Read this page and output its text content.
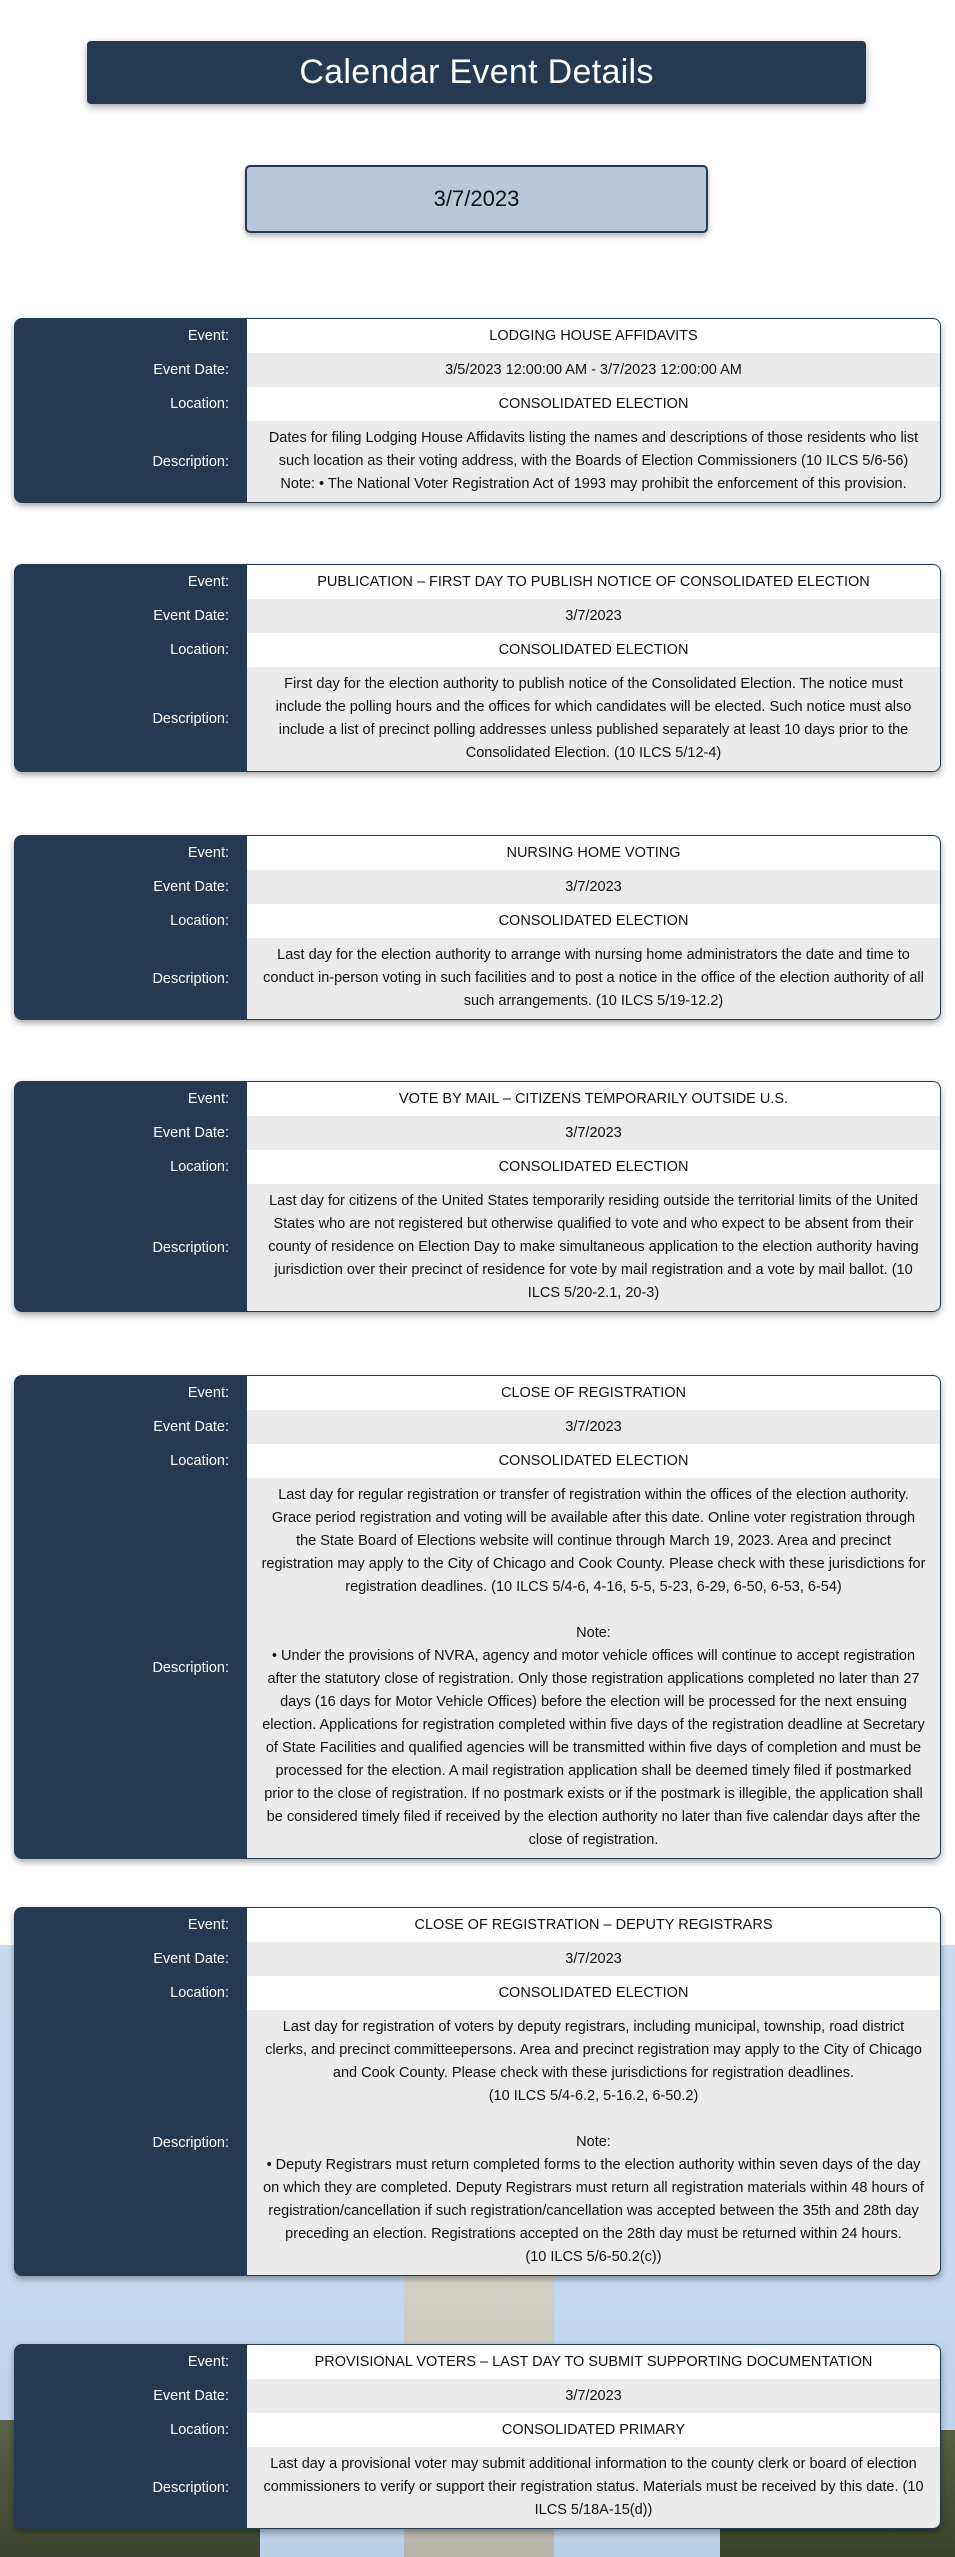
Calendar Event Details
3/7/2023
Event:	LODGING HOUSE AFFIDAVITS
Event Date:	3/5/2023 12:00:00 AM - 3/7/2023 12:00:00 AM
Location:	CONSOLIDATED ELECTION
Description:	Dates for filing Lodging House Affidavits listing the names and descriptions of those residents who list such location as their voting address, with the Boards of Election Commissioners (10 ILCS 5/6-56) Note: • The National Voter Registration Act of 1993 may prohibit the enforcement of this provision.
Event:	PUBLICATION – FIRST DAY TO PUBLISH NOTICE OF CONSOLIDATED ELECTION
Event Date:	3/7/2023
Location:	CONSOLIDATED ELECTION
Description:	First day for the election authority to publish notice of the Consolidated Election. The notice must include the polling hours and the offices for which candidates will be elected. Such notice must also include a list of precinct polling addresses unless published separately at least 10 days prior to the Consolidated Election. (10 ILCS 5/12-4)
Event:	NURSING HOME VOTING
Event Date:	3/7/2023
Location:	CONSOLIDATED ELECTION
Description:	Last day for the election authority to arrange with nursing home administrators the date and time to conduct in-person voting in such facilities and to post a notice in the office of the election authority of all such arrangements. (10 ILCS 5/19-12.2)
Event:	VOTE BY MAIL – CITIZENS TEMPORARILY OUTSIDE U.S.
Event Date:	3/7/2023
Location:	CONSOLIDATED ELECTION
Description:	Last day for citizens of the United States temporarily residing outside the territorial limits of the United States who are not registered but otherwise qualified to vote and who expect to be absent from their county of residence on Election Day to make simultaneous application to the election authority having jurisdiction over their precinct of residence for vote by mail registration and a vote by mail ballot. (10 ILCS 5/20-2.1, 20-3)
Event:	CLOSE OF REGISTRATION
Event Date:	3/7/2023
Location:	CONSOLIDATED ELECTION
Description:	Last day for regular registration or transfer of registration within the offices of the election authority. Grace period registration and voting will be available after this date. Online voter registration through the State Board of Elections website will continue through March 19, 2023. Area and precinct registration may apply to the City of Chicago and Cook County. Please check with these jurisdictions for registration deadlines. (10 ILCS 5/4-6, 4-16, 5-5, 5-23, 6-29, 6-50, 6-53, 6-54)

Note:

• Under the provisions of NVRA, agency and motor vehicle offices will continue to accept registration after the statutory close of registration. Only those registration applications completed no later than 27 days (16 days for Motor Vehicle Offices) before the election will be processed for the next ensuing election. Applications for registration completed within five days of the registration deadline at Secretary of State Facilities and qualified agencies will be transmitted within five days of completion and must be processed for the election. A mail registration application shall be deemed timely filed if postmarked prior to the close of registration. If no postmark exists or if the postmark is illegible, the application shall be considered timely filed if received by the election authority no later than five calendar days after the close of registration.

Event:	CLOSE OF REGISTRATION – DEPUTY REGISTRARS
Event Date:	3/7/2023
Location:	CONSOLIDATED ELECTION
Description:	Last day for registration of voters by deputy registrars, including municipal, township, road district clerks, and precinct committeepersons. Area and precinct registration may apply to the City of Chicago and Cook County. Please check with these jurisdictions for registration deadlines.

(10 ILCS 5/4-6.2, 5-16.2, 6-50.2)

Note:

• Deputy Registrars must return completed forms to the election authority within seven days of the day on which they are completed. Deputy Registrars must return all registration materials within 48 hours of registration/cancellation if such registration/cancellation was accepted between the 35th and 28th day preceding an election. Registrations accepted on the 28th day must be returned within 24 hours.

(10 ILCS 5/6-50.2(c))

Event:	PROVISIONAL VOTERS – LAST DAY TO SUBMIT SUPPORTING DOCUMENTATION
Event Date:	3/7/2023
Location:	CONSOLIDATED PRIMARY
Description:	Last day a provisional voter may submit additional information to the county clerk or board of election commissioners to verify or support their registration status. Materials must be received by this date. (10 ILCS 5/18A-15(d))
